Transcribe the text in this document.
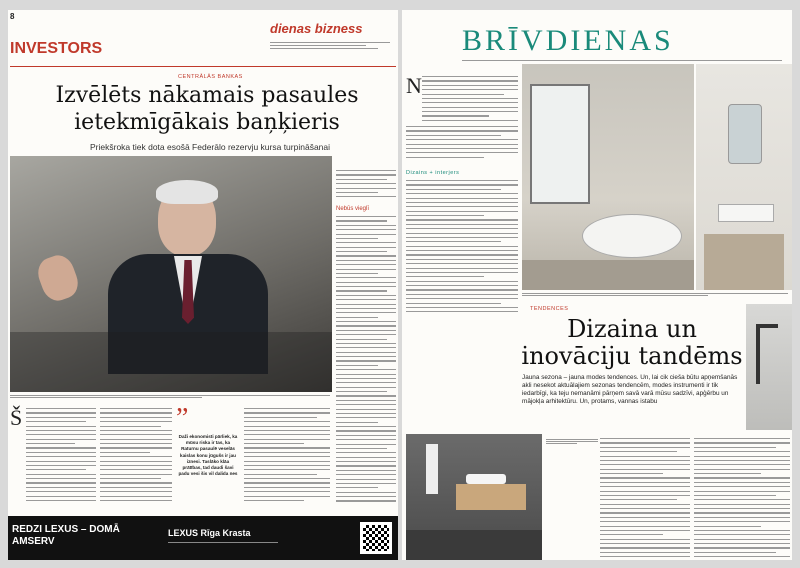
8
INVESTORS
dienas bizness
CENTRĀLĀS BANKAS
Izvēlēts nākamais pasaules ietekmīgākais baņķieris
Priekšroka tiek dota esošā Federālo rezervju kursa turpināšanai
Nebūs vieglī
Š	”
Daži ekonomisti pārliek, ka mūsu riska ir tas, ka Raturnu pasaulē veselās kaislas konu jūgušs ir jau iznesi. Taslāko klāa prātības, tad daudi šavi padu vesi šis vil dalida nes
REDZI LEXUS – DOMĀ AMSERV
LEXUS Rīga Krasta
BRĪVDIENAS
N
Dizains + interjers
TENDENCES
Dizaina un inovāciju tandēms
Jauna sezona – jauna modes tendences. Un, lai cik cieša būtu apņemšanās akli nesekot aktuālajiem sezonas tendencēm, modes instrumenti ir tik iedarbīgi, ka teju nemanāmi pārņem savā varā mūsu sadzīvi, apģērbu un mājokļa arhitektūru. Un, protams, vannas istabu
